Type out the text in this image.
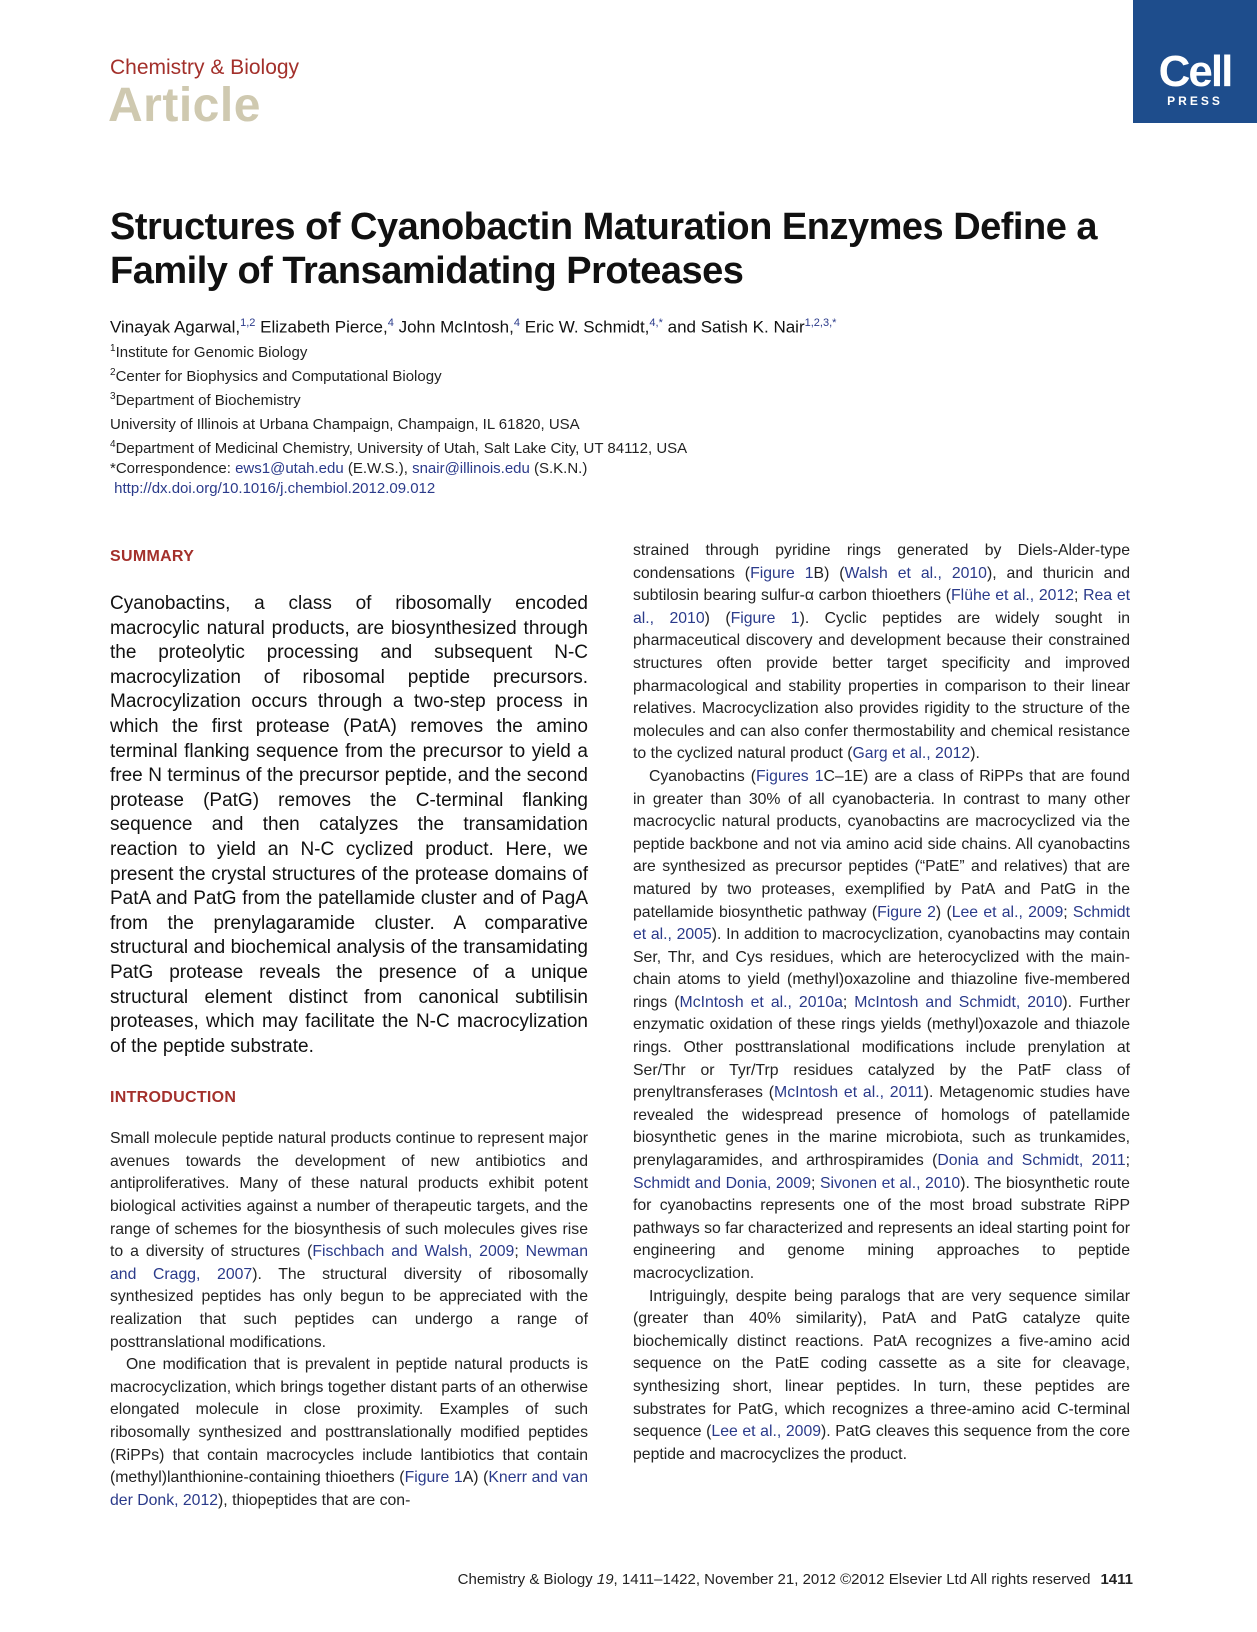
Chemistry & Biology
Article
Cell
PRESS
Structures of Cyanobactin Maturation Enzymes Define a Family of Transamidating Proteases
Vinayak Agarwal,$^{1,2}$ Elizabeth Pierce,$^4$ John McIntosh,$^4$ Eric W. Schmidt,$^{4,*}$ and Satish K. Nair$^{1,2,3,*}$
$^1$Institute for Genomic Biology
$^2$Center for Biophysics and Computational Biology
$^3$Department of Biochemistry
University of Illinois at Urbana Champaign, Champaign, IL 61820, USA
$^4$Department of Medicinal Chemistry, University of Utah, Salt Lake City, UT 84112, USA
*Correspondence: ews1@utah.edu (E.W.S.), snair@illinois.edu (S.K.N.)
http://dx.doi.org/10.1016/j.chembiol.2012.09.012
SUMMARY
Cyanobactins, a class of ribosomally encoded macrocylic natural products, are biosynthesized through the proteolytic processing and subsequent N-C macrocylization of ribosomal peptide precursors. Macrocylization occurs through a two-step process in which the first protease (PatA) removes the amino terminal flanking sequence from the precursor to yield a free N terminus of the precursor peptide, and the second protease (PatG) removes the C-terminal flanking sequence and then catalyzes the transamidation reaction to yield an N-C cyclized product. Here, we present the crystal structures of the protease domains of PatA and PatG from the patellamide cluster and of PagA from the prenylagaramide cluster. A comparative structural and biochemical analysis of the transamidating PatG protease reveals the presence of a unique structural element distinct from canonical subtilisin proteases, which may facilitate the N-C macrocylization of the peptide substrate.
INTRODUCTION

Small molecule peptide natural products continue to represent major avenues towards the development of new antibiotics and antiproliferatives. Many of these natural products exhibit potent biological activities against a number of therapeutic targets, and the range of schemes for the biosynthesis of such molecules gives rise to a diversity of structures (Fischbach and Walsh, 2009; Newman and Cragg, 2007). The structural diversity of ribosomally synthesized peptides has only begun to be appreciated with the realization that such peptides can undergo a range of posttranslational modifications.

One modification that is prevalent in peptide natural products is macrocyclization, which brings together distant parts of an otherwise elongated molecule in close proximity. Examples of such ribosomally synthesized and posttranslationally modified peptides (RiPPs) that contain macrocycles include lantibiotics that contain (methyl)lanthionine-containing thioethers (Figure 1A) (Knerr and van der Donk, 2012), thiopeptides that are con-

strained through pyridine rings generated by Diels-Alder-type condensations (Figure 1B) (Walsh et al., 2010), and thuricin and subtilosin bearing sulfur-α carbon thioethers (Flühe et al., 2012; Rea et al., 2010) (Figure 1). Cyclic peptides are widely sought in pharmaceutical discovery and development because their constrained structures often provide better target specificity and improved pharmacological and stability properties in comparison to their linear relatives. Macrocyclization also provides rigidity to the structure of the molecules and can also confer thermostability and chemical resistance to the cyclized natural product (Garg et al., 2012).

Cyanobactins (Figures 1C–1E) are a class of RiPPs that are found in greater than 30% of all cyanobacteria. In contrast to many other macrocyclic natural products, cyanobactins are macrocyclized via the peptide backbone and not via amino acid side chains. All cyanobactins are synthesized as precursor peptides (“PatE” and relatives) that are matured by two proteases, exemplified by PatA and PatG in the patellamide biosynthetic pathway (Figure 2) (Lee et al., 2009; Schmidt et al., 2005). In addition to macrocyclization, cyanobactins may contain Ser, Thr, and Cys residues, which are heterocyclized with the main-chain atoms to yield (methyl)oxazoline and thiazoline five-membered rings (McIntosh et al., 2010a; McIntosh and Schmidt, 2010). Further enzymatic oxidation of these rings yields (methyl)oxazole and thiazole rings. Other posttranslational modifications include prenylation at Ser/Thr or Tyr/Trp residues catalyzed by the PatF class of prenyltransferases (McIntosh et al., 2011). Metagenomic studies have revealed the widespread presence of homologs of patellamide biosynthetic genes in the marine microbiota, such as trunkamides, prenylagaramides, and arthrospiramides (Donia and Schmidt, 2011; Schmidt and Donia, 2009; Sivonen et al., 2010). The biosynthetic route for cyanobactins represents one of the most broad substrate RiPP pathways so far characterized and represents an ideal starting point for engineering and genome mining approaches to peptide macrocyclization.

Intriguingly, despite being paralogs that are very sequence similar (greater than 40% similarity), PatA and PatG catalyze quite biochemically distinct reactions. PatA recognizes a five-amino acid sequence on the PatE coding cassette as a site for cleavage, synthesizing short, linear peptides. In turn, these peptides are substrates for PatG, which recognizes a three-amino acid C-terminal sequence (Lee et al., 2009). PatG cleaves this sequence from the core peptide and macrocyclizes the product.

Chemistry & Biology 19, 1411–1422, November 21, 2012 ©2012 Elsevier Ltd All rights reserved 1411
